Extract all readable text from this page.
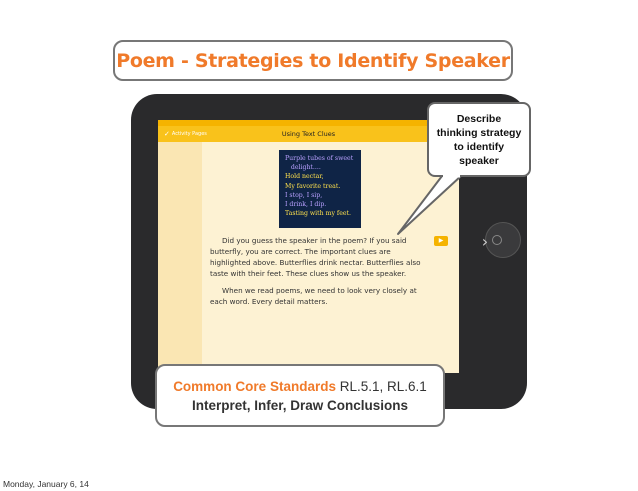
Poem - Strategies to Identify Speaker
›
✓ Activity Pages	Using Text Clues
Purple tubes of sweet
delight....
Hold nectar,
My favorite treat.
I stop, I sip,
I drink, I dip.
Tasting with my feet.

Did you guess the speaker in the poem? If you said butterfly, you are correct. The important clues are highlighted above. Butterflies drink nectar. Butterflies also taste with their feet. These clues show us the speaker.

When we read poems, we need to look very closely at each word. Every detail matters.

▶
Describe thinking strategy to identify speaker
Common Core Standards RL.5.1, RL.6.1
Interpret, Infer, Draw Conclusions
Monday, January 6, 14
